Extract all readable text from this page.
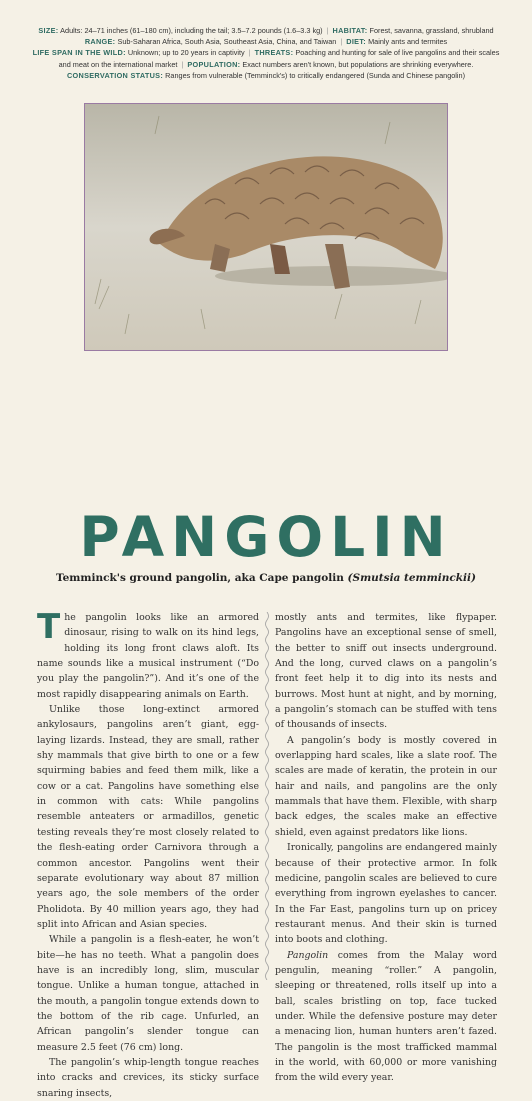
SIZE: Adults: 24–71 inches (61–180 cm), including the tail; 3.5–7.2 pounds (1.6–3.3 kg) | HABITAT: Forest, savanna, grassland, shrubland
RANGE: Sub-Saharan Africa, South Asia, Southeast Asia, China, and Taiwan | DIET: Mainly ants and termites
LIFE SPAN IN THE WILD: Unknown; up to 20 years in captivity | THREATS: Poaching and hunting for sale of live pangolins and their scales and meat on the international market | POPULATION: Exact numbers aren't known, but populations are shrinking everywhere.
CONSERVATION STATUS: Ranges from vulnerable (Temminck's) to critically endangered (Sunda and Chinese pangolin)
PANGOLIN
Temminck's ground pangolin, aka Cape pangolin (Smutsia temminckii)

The pangolin looks like an armored dinosaur, rising to walk on its hind legs, holding its long front claws aloft. Its name sounds like a musical instrument (“Do you play the pangolin?”). And it’s one of the most rapidly disappearing animals on Earth.

Unlike those long-extinct armored ankylosaurs, pangolins aren’t giant, egg-laying lizards. Instead, they are small, rather shy mammals that give birth to one or a few squirming babies and feed them milk, like a cow or a cat. Pangolins have something else in common with cats: While pangolins resemble anteaters or armadillos, genetic testing reveals they’re most closely related to the flesh-eating order Carnivora through a common ancestor. Pangolins went their separate evolutionary way about 87 million years ago, the sole members of the order Pholidota. By 40 million years ago, they had split into African and Asian species.

While a pangolin is a flesh-eater, he won’t bite—he has no teeth. What a pangolin does have is an incredibly long, slim, muscular tongue. Unlike a human tongue, attached in the mouth, a pangolin tongue extends down to the bottom of the rib cage. Unfurled, an African pangolin’s slender tongue can measure 2.5 feet (76 cm) long.

The pangolin’s whip-length tongue reaches into cracks and crevices, its sticky surface snaring insects,

mostly ants and termites, like flypaper. Pangolins have an exceptional sense of smell, the better to sniff out insects underground. And the long, curved claws on a pangolin’s front feet help it to dig into its nests and burrows. Most hunt at night, and by morning, a pangolin’s stomach can be stuffed with tens of thousands of insects.

A pangolin’s body is mostly covered in overlapping hard scales, like a slate roof. The scales are made of keratin, the protein in our hair and nails, and pangolins are the only mammals that have them. Flexible, with sharp back edges, the scales make an effective shield, even against predators like lions.

Ironically, pangolins are endangered mainly because of their protective armor. In folk medicine, pangolin scales are believed to cure everything from ingrown eyelashes to cancer. In the Far East, pangolins turn up on pricey restaurant menus. And their skin is turned into boots and clothing.

Pangolin comes from the Malay word pengulin, meaning “roller.” A pangolin, sleeping or threatened, rolls itself up into a ball, scales bristling on top, face tucked under. While the defensive posture may deter a menacing lion, human hunters aren’t fazed. The pangolin is the most trafficked mammal in the world, with 60,000 or more vanishing from the wild every year.
